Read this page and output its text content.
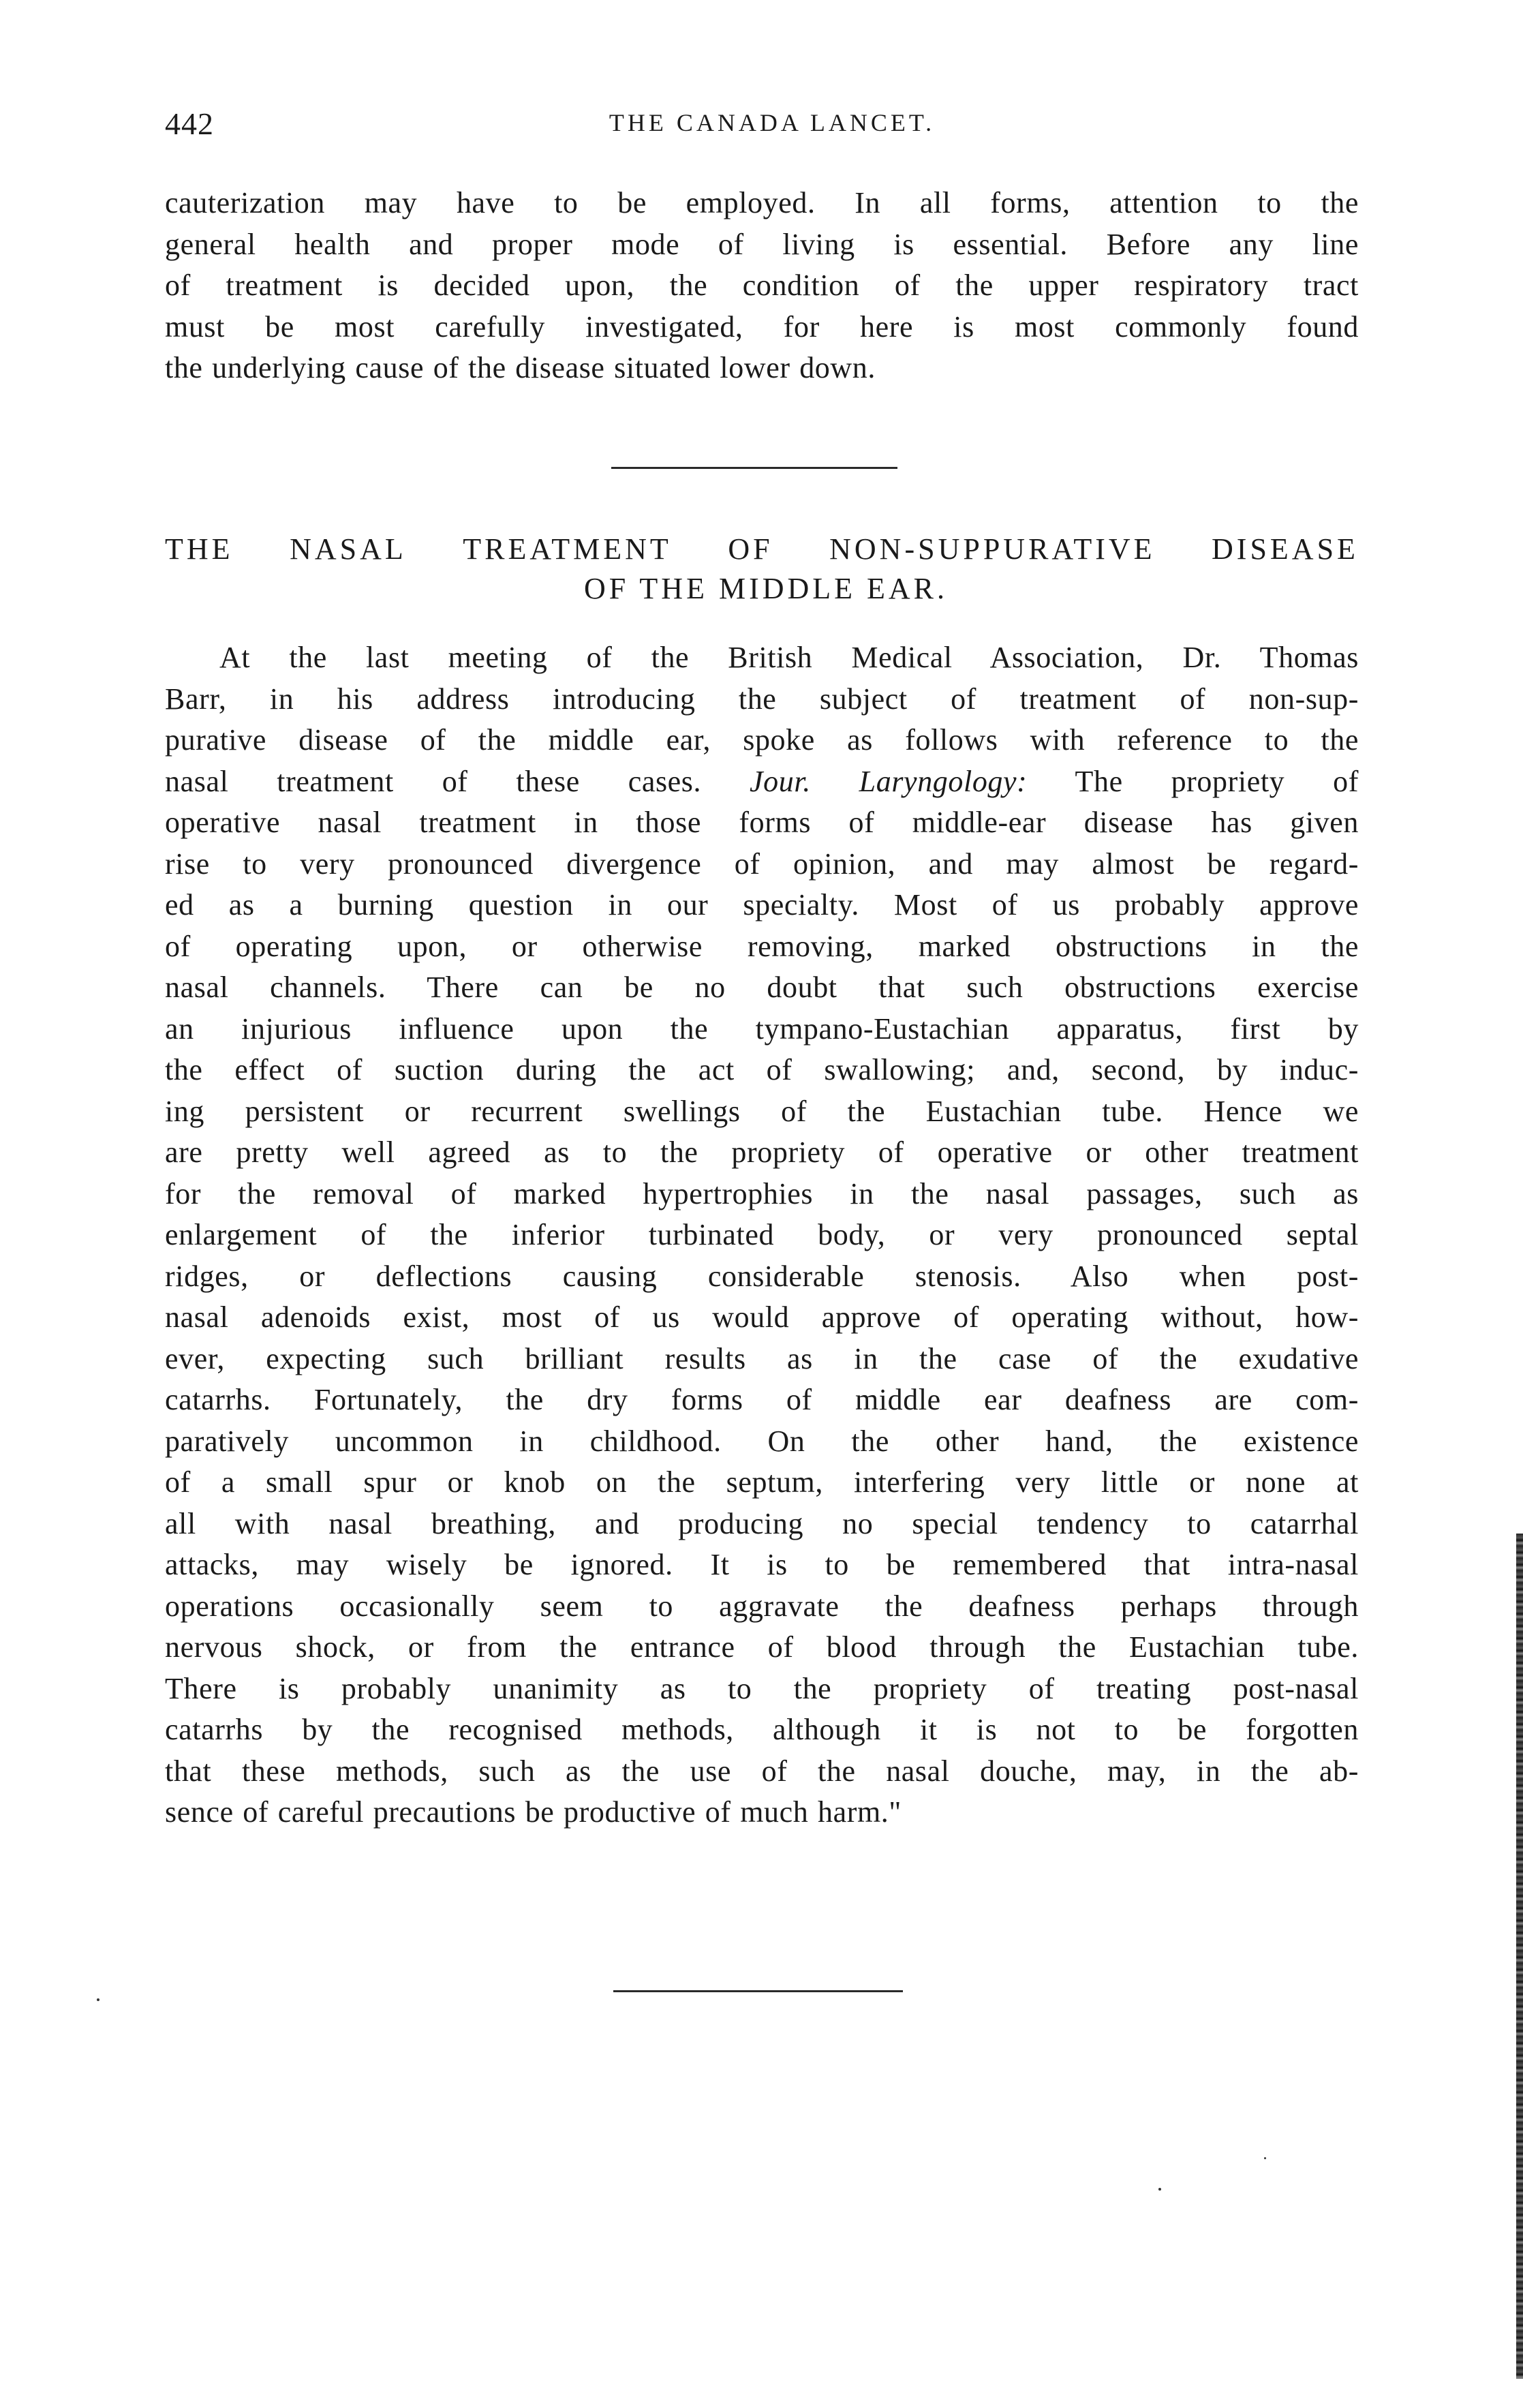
442	THE CANADA LANCET.
cauterization may have to be employed. In all forms, attention to the
general health and proper mode of living is essential. Before any line
of treatment is decided upon, the condition of the upper respiratory tract
must be most carefully investigated, for here is most commonly found
the underlying cause of the disease situated lower down.
THE NASAL TREATMENT OF NON-SUPPURATIVE DISEASE
OF THE MIDDLE EAR.
At the last meeting of the British Medical Association, Dr. Thomas
Barr, in his address introducing the subject of treatment of non-sup-
purative disease of the middle ear, spoke as follows with reference to the
nasal treatment of these cases. Jour. Laryngology: The propriety of
operative nasal treatment in those forms of middle-ear disease has given
rise to very pronounced divergence of opinion, and may almost be regard-
ed as a burning question in our specialty. Most of us probably approve
of operating upon, or otherwise removing, marked obstructions in the
nasal channels. There can be no doubt that such obstructions exercise
an injurious influence upon the tympano-Eustachian apparatus, first by
the effect of suction during the act of swallowing; and, second, by induc-
ing persistent or recurrent swellings of the Eustachian tube. Hence we
are pretty well agreed as to the propriety of operative or other treatment
for the removal of marked hypertrophies in the nasal passages, such as
enlargement of the inferior turbinated body, or very pronounced septal
ridges, or deflections causing considerable stenosis. Also when post-
nasal adenoids exist, most of us would approve of operating without, how-
ever, expecting such brilliant results as in the case of the exudative
catarrhs. Fortunately, the dry forms of middle ear deafness are com-
paratively uncommon in childhood. On the other hand, the existence
of a small spur or knob on the septum, interfering very little or none at
all with nasal breathing, and producing no special tendency to catarrhal
attacks, may wisely be ignored. It is to be remembered that intra-nasal
operations occasionally seem to aggravate the deafness perhaps through
nervous shock, or from the entrance of blood through the Eustachian tube.
There is probably unanimity as to the propriety of treating post-nasal
catarrhs by the recognised methods, although it is not to be forgotten
that these methods, such as the use of the nasal douche, may, in the ab-
sence of careful precautions be productive of much harm."
